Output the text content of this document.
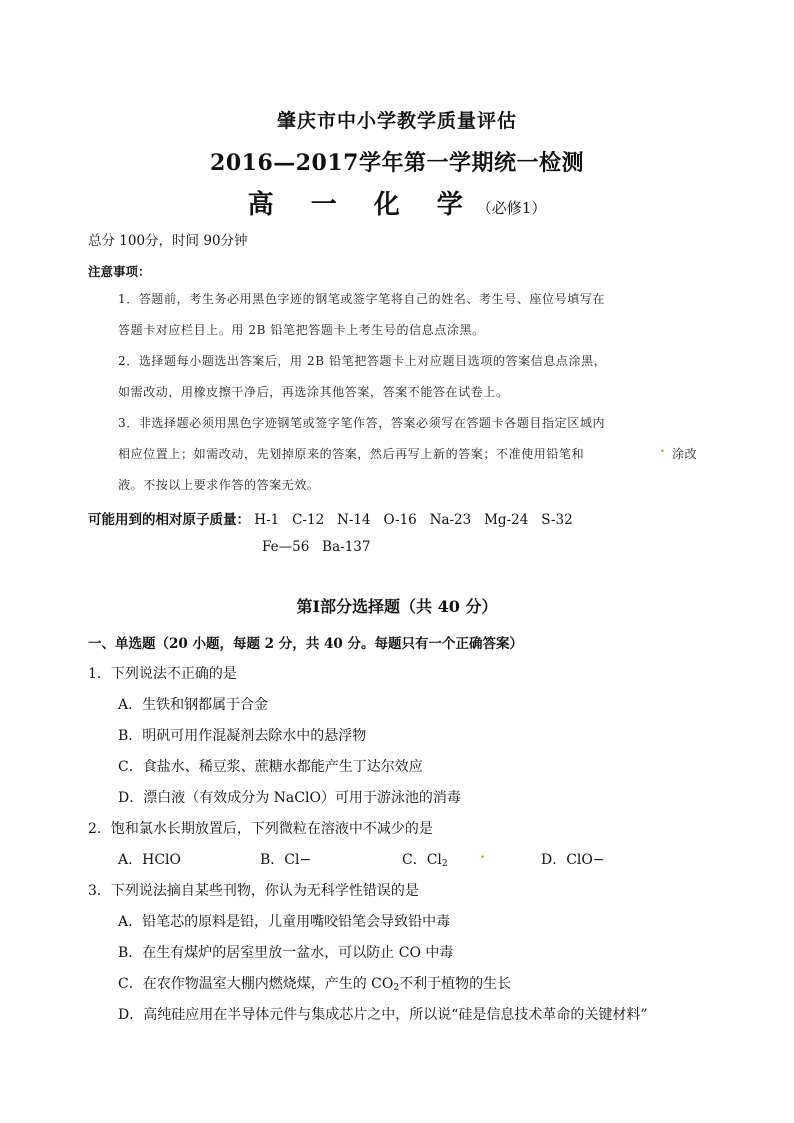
肇庆市中小学教学质量评估
2016—2017学年第一学期统一检测
高 一 化 学（必修1）
总分 100分，时间 90分钟
注意事项：
1．答题前，考生务必用黑色字迹的钢笔或签字笔将自己的姓名、考生号、座位号填写在
答题卡对应栏目上。用 2B 铅笔把答题卡上考生号的信息点涂黑。
2．选择题每小题选出答案后，用 2B 铅笔把答题卡上对应题目选项的答案信息点涂黑，
如需改动，用橡皮擦干净后，再选涂其他答案，答案不能答在试卷上。
3．非选择题必须用黑色字迹钢笔或签字笔作答，答案必须写在答题卡各题目指定区域内
相应位置上；如需改动，先划掉原来的答案，然后再写上新的答案；不准使用铅笔和	. 涂改
液。不按以上要求作答的答案无效。
可能用到的相对原子质量： H-1   C-12   N-14   O-16   Na-23   Mg-24   S-32
Fe—56   Ba-137
第Ⅰ部分选择题（共 40 分）
一、单选题（20 小题，每题 2 分，共 40 分。每题只有一个正确答案）
1．下列说法不正确的是
A．生铁和钢都属于合金
B．明矾可用作混凝剂去除水中的悬浮物
C．食盐水、稀豆浆、蔗糖水都能产生丁达尔效应
D．漂白液（有效成分为 NaClO）可用于游泳池的消毒
2．饱和氯水长期放置后，下列微粒在溶液中不减少的是
A．HClO	B．Cl−	C．$Cl_2$
.	D．ClO−
3．下列说法摘自某些刊物，你认为无科学性错误的是
A．铅笔芯的原料是铅，儿童用嘴咬铅笔会导致铅中毒
B．在生有煤炉的居室里放一盆水，可以防止 CO 中毒
C．在农作物温室大棚内燃烧煤，产生的 $CO_2$不利于植物的生长
D．高纯硅应用在半导体元件与集成芯片之中，所以说“硅是信息技术革命的关键材料”
